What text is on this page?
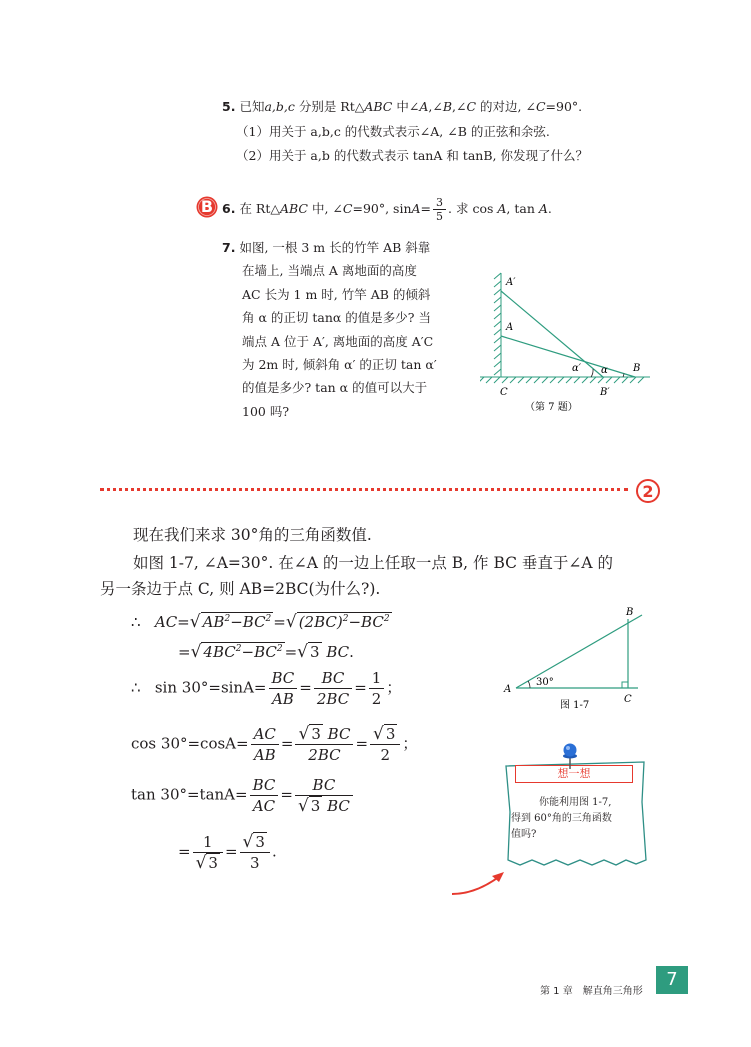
5. 已知a,b,c 分别是 Rt△ABC 中∠A,∠B,∠C 的对边, ∠C=90°.
（1）用关于 a,b,c 的代数式表示∠A, ∠B 的正弦和余弦.
（2）用关于 a,b 的代数式表示 tanA 和 tanB, 你发现了什么？
B 6. 在 Rt△ABC 中, ∠C=90°, $\sin A= \frac{3}{5}$ . 求 cos A, tan A.
7. 如图, 一根 3 m 长的竹竿 AB 斜靠
在墙上, 当端点 A 离地面的高度
AC 长为 1 m 时, 竹竿 AB 的倾斜
角 α 的正切 tanα 的值是多少? 当
端点 A 位于 A′, 离地面的高度 A′C
为 2m 时, 倾斜角 α′ 的正切 tan α′
的值是多少? tan α 的值可以大于
100 吗?
A′
A
α′ α	B
C	B′
（第 7 题）
2
现在我们来求 30°角的三角函数值.
如图 1-7, ∠A=30°. 在∠A 的一边上任取一点 B, 作 BC 垂直于∠A 的
另一条边于点 C, 则 AB=2BC(为什么?).
∴ AC=√ $AB^2-BC^2$ =√ $(2BC)^2-BC^2$
=√ $4BC^2-BC^2$ =√ 3 BC.
∴ $\sin 30^\circ=\sin A= \frac{BC}{AB} = \frac{BC}{2BC} = \frac{1}{2}$ ；
$\cos 30^\circ=\cos A= \frac{AC}{AB} = \frac{√ 3 BC}{2BC} = \frac{√ 3}{2}$ ；
$\tan 30^\circ=\tan A= \frac{BC}{AC} = \frac{BC}{√ 3 BC}$
= $\frac{1}{√ 3} = \frac{√ 3}{3}$ .
A
B
C
30°
图 1-7
想一想
你能利用图 1-7,
得到 60°角的三角函数
值吗?
第 1 章　解直角三角形
7
